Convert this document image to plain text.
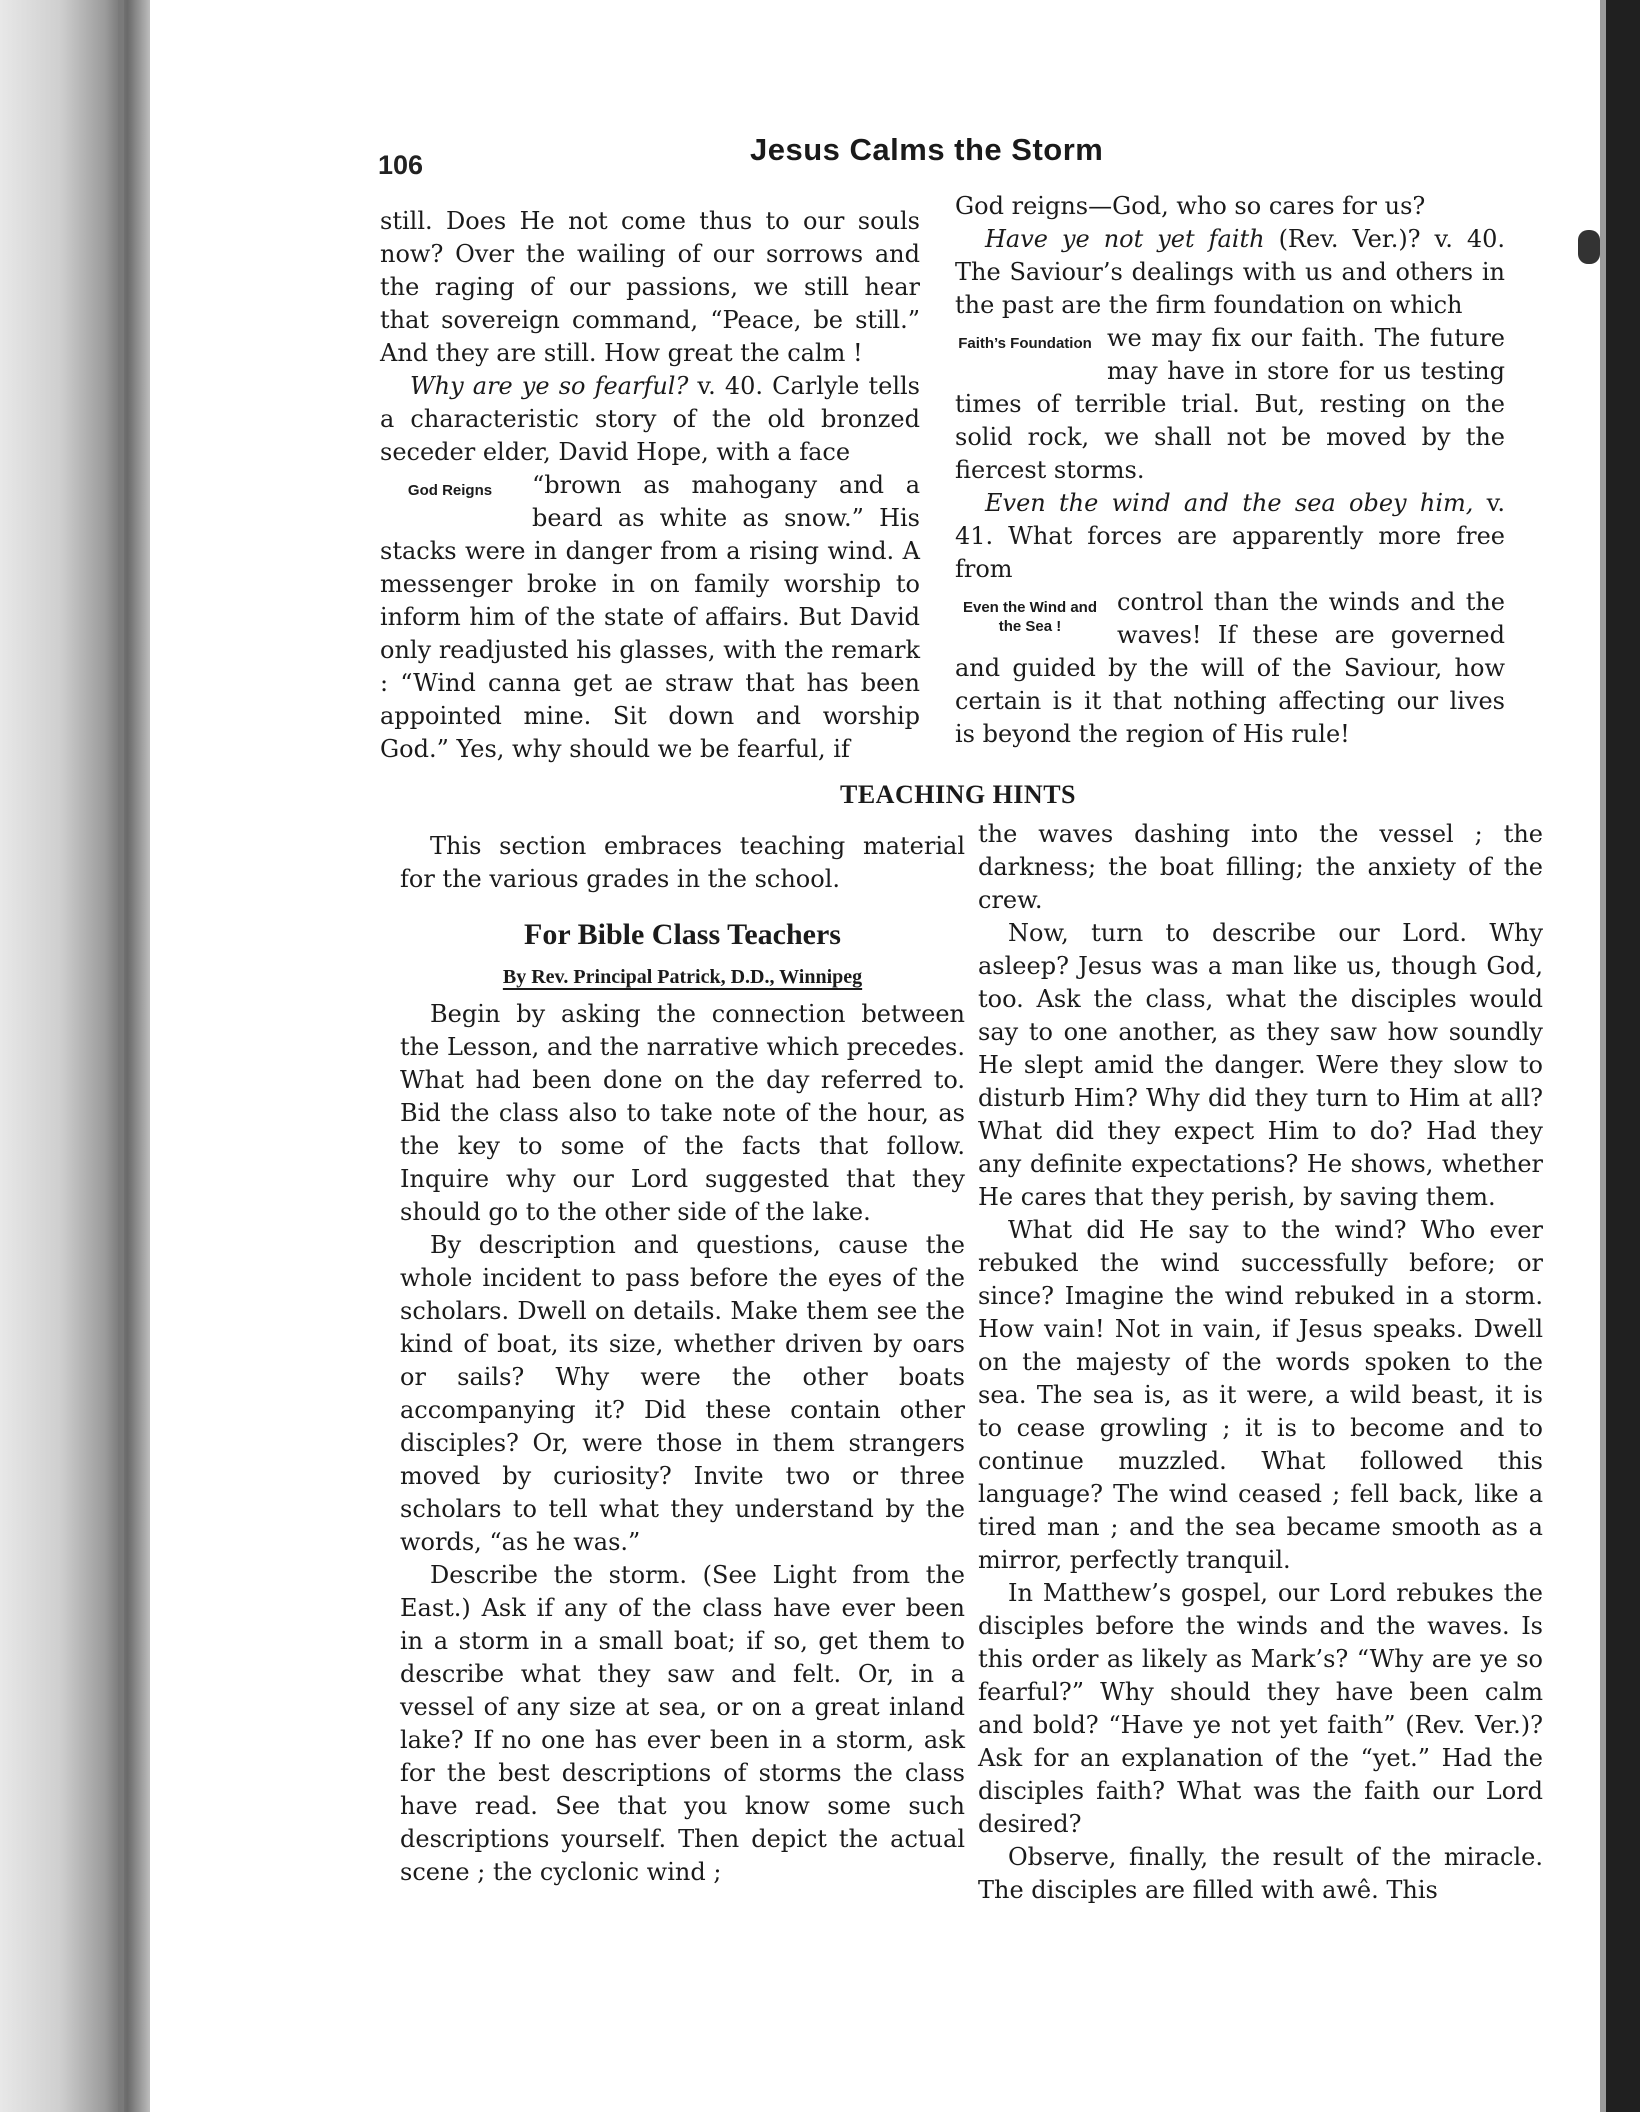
106	Jesus Calms the Storm

still. Does He not come thus to our souls now? Over the wailing of our sorrows and the raging of our passions, we still hear that sovereign command, “Peace, be still.” And they are still. How great the calm !

Why are ye so fearful? v. 40. Carlyle tells a characteristic story of the old bronzed seceder elder, David Hope, with a face

God Reigns	“brown as mahogany and a beard as white as snow.” His stacks were in danger from a rising wind. A messenger broke in on family worship to inform him of the state of affairs. But David only readjusted his glasses, with the remark : “Wind canna get ae straw that has been appointed mine. Sit down and worship God.” Yes, why should we be fearful, if

God reigns—God, who so cares for us?

Have ye not yet faith (Rev. Ver.)? v. 40. The Saviour’s dealings with us and others in the past are the firm foundation on which

Faith’s Foundation we may fix our faith. The future may have in store for us testing times of terrible trial. But, resting on the solid rock, we shall not be moved by the fiercest storms.

Even the wind and the sea obey him, v. 41. What forces are apparently more free from

Even the Wind and the Sea !

control than the winds and the waves! If these are governed and guided by the will of the Saviour, how certain is it that nothing affecting our lives is beyond the region of His rule!

TEACHING HINTS

This section embraces teaching material for the various grades in the school.

For Bible Class Teachers
By Rev. Principal Patrick, D.D., Winnipeg

Begin by asking the connection between the Lesson, and the narrative which precedes. What had been done on the day referred to. Bid the class also to take note of the hour, as the key to some of the facts that follow. Inquire why our Lord suggested that they should go to the other side of the lake.

By description and questions, cause the whole incident to pass before the eyes of the scholars. Dwell on details. Make them see the kind of boat, its size, whether driven by oars or sails? Why were the other boats accompanying it? Did these contain other disciples? Or, were those in them strangers moved by curiosity? Invite two or three scholars to tell what they understand by the words, “as he was.”

Describe the storm. (See Light from the East.) Ask if any of the class have ever been in a storm in a small boat; if so, get them to describe what they saw and felt. Or, in a vessel of any size at sea, or on a great inland lake? If no one has ever been in a storm, ask for the best descriptions of storms the class have read. See that you know some such descriptions yourself. Then depict the actual scene ; the cyclonic wind ;

the waves dashing into the vessel ; the darkness; the boat filling; the anxiety of the crew.

Now, turn to describe our Lord. Why asleep? Jesus was a man like us, though God, too. Ask the class, what the disciples would say to one another, as they saw how soundly He slept amid the danger. Were they slow to disturb Him? Why did they turn to Him at all? What did they expect Him to do? Had they any definite expectations? He shows, whether He cares that they perish, by saving them.

What did He say to the wind? Who ever rebuked the wind successfully before; or since? Imagine the wind rebuked in a storm. How vain! Not in vain, if Jesus speaks. Dwell on the majesty of the words spoken to the sea. The sea is, as it were, a wild beast, it is to cease growling ; it is to become and to continue muzzled. What followed this language? The wind ceased ; fell back, like a tired man ; and the sea became smooth as a mirror, perfectly tranquil.

In Matthew’s gospel, our Lord rebukes the disciples before the winds and the waves. Is this order as likely as Mark’s? “Why are ye so fearful?” Why should they have been calm and bold? “Have ye not yet faith” (Rev. Ver.)? Ask for an explanation of the “yet.” Had the disciples faith? What was the faith our Lord desired?

Observe, finally, the result of the miracle. The disciples are filled with awê. This
